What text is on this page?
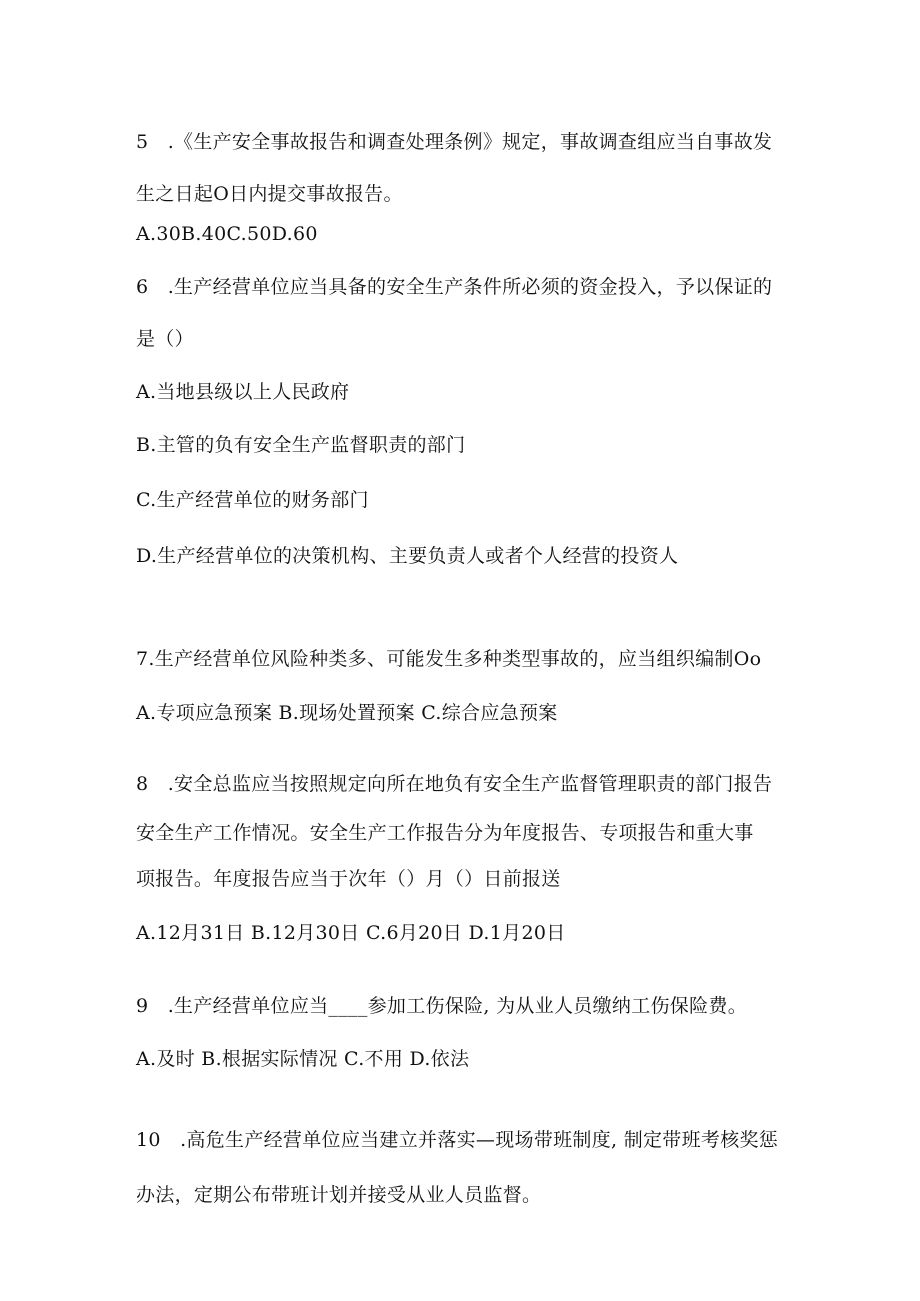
5　.《生产安全事故报告和调查处理条例》规定，事故调查组应当自事故发
生之日起O日内提交事故报告。
A.30B.40C.50D.60
6　.生产经营单位应当具备的安全生产条件所必须的资金投入，予以保证的
是（）
A.当地县级以上人民政府
B.主管的负有安全生产监督职责的部门
C.生产经营单位的财务部门
D.生产经营单位的决策机构、主要负责人或者个人经营的投资人
7.生产经营单位风险种类多、可能发生多种类型事故的，应当组织编制Oo
A.专项应急预案 B.现场处置预案 C.综合应急预案
8　.安全总监应当按照规定向所在地负有安全生产监督管理职责的部门报告
安全生产工作情况。安全生产工作报告分为年度报告、专项报告和重大事
项报告。年度报告应当于次年（）月（）日前报送
A.12月31日 B.12月30日 C.6月20日 D.1月20日
9　.生产经营单位应当____参加工伤保险, 为从业人员缴纳工伤保险费。
A.及时 B.根据实际情况 C.不用 D.依法
10　.高危生产经营单位应当建立并落实—现场带班制度, 制定带班考核奖惩
办法，定期公布带班计划并接受从业人员监督。
